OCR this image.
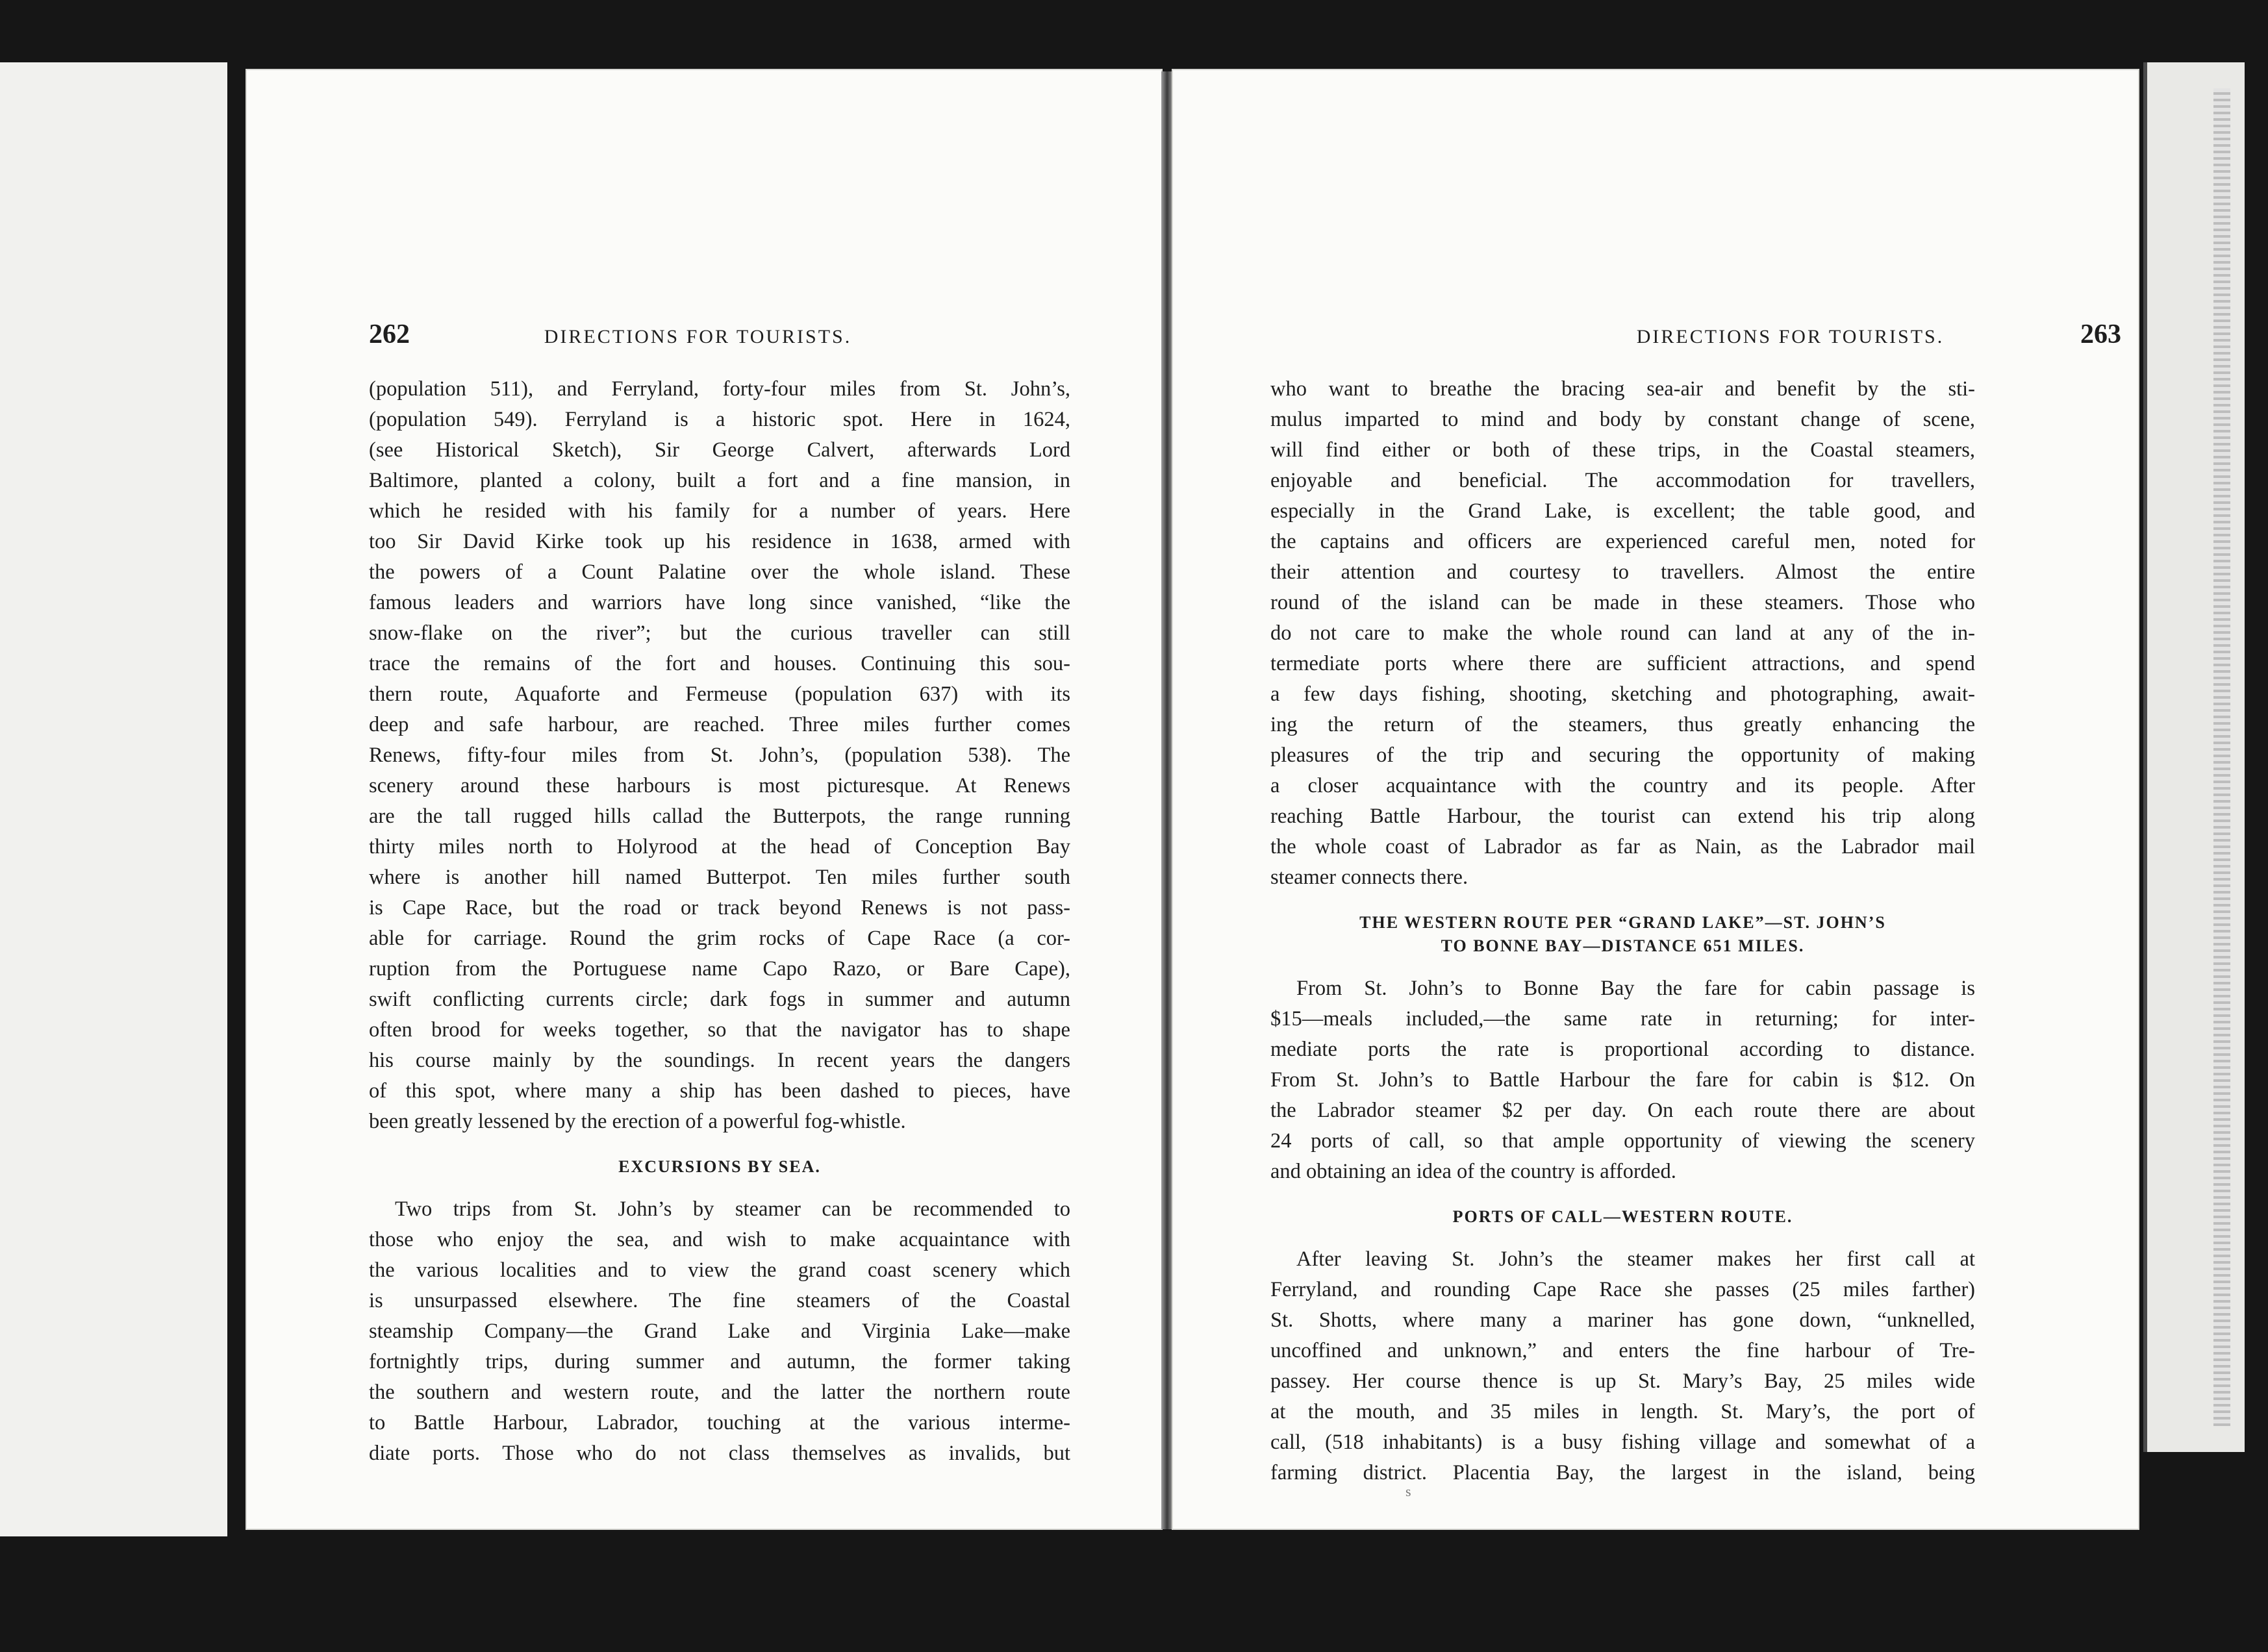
262	DIRECTIONS FOR TOURISTS.
(population 511), and Ferryland, forty-four miles from St. John’s,
(population 549). Ferryland is a historic spot. Here in 1624,
(see Historical Sketch), Sir George Calvert, afterwards Lord
Baltimore, planted a colony, built a fort and a fine mansion, in
which he resided with his family for a number of years. Here
too Sir David Kirke took up his residence in 1638, armed with
the powers of a Count Palatine over the whole island. These
famous leaders and warriors have long since vanished, “like the
snow-flake on the river”; but the curious traveller can still
trace the remains of the fort and houses. Continuing this sou-
thern route, Aquaforte and Fermeuse (population 637) with its
deep and safe harbour, are reached. Three miles further comes
Renews, fifty-four miles from St. John’s, (population 538). The
scenery around these harbours is most picturesque. At Renews
are the tall rugged hills callad the Butterpots, the range running
thirty miles north to Holyrood at the head of Conception Bay
where is another hill named Butterpot. Ten miles further south
is Cape Race, but the road or track beyond Renews is not pass-
able for carriage. Round the grim rocks of Cape Race (a cor-
ruption from the Portuguese name Capo Razo, or Bare Cape),
swift conflicting currents circle; dark fogs in summer and autumn
often brood for weeks together, so that the navigator has to shape
his course mainly by the soundings. In recent years the dangers
of this spot, where many a ship has been dashed to pieces, have
been greatly lessened by the erection of a powerful fog-whistle.
EXCURSIONS BY SEA.
Two trips from St. John’s by steamer can be recommended to
those who enjoy the sea, and wish to make acquaintance with
the various localities and to view the grand coast scenery which
is unsurpassed elsewhere. The fine steamers of the Coastal
steamship Company—the Grand Lake and Virginia Lake—make
fortnightly trips, during summer and autumn, the former taking
the southern and western route, and the latter the northern route
to Battle Harbour, Labrador, touching at the various interme-
diate ports. Those who do not class themselves as invalids, but
DIRECTIONS FOR TOURISTS.	263
who want to breathe the bracing sea-air and benefit by the sti-
mulus imparted to mind and body by constant change of scene,
will find either or both of these trips, in the Coastal steamers,
enjoyable and beneficial. The accommodation for travellers,
especially in the Grand Lake, is excellent; the table good, and
the captains and officers are experienced careful men, noted for
their attention and courtesy to travellers. Almost the entire
round of the island can be made in these steamers. Those who
do not care to make the whole round can land at any of the in-
termediate ports where there are sufficient attractions, and spend
a few days fishing, shooting, sketching and photographing, await-
ing the return of the steamers, thus greatly enhancing the
pleasures of the trip and securing the opportunity of making
a closer acquaintance with the country and its people. After
reaching Battle Harbour, the tourist can extend his trip along
the whole coast of Labrador as far as Nain, as the Labrador mail
steamer connects there.
THE WESTERN ROUTE PER “GRAND LAKE”—ST. JOHN’S
TO BONNE BAY—DISTANCE 651 MILES.
From St. John’s to Bonne Bay the fare for cabin passage is
$15—meals included,—the same rate in returning; for inter-
mediate ports the rate is proportional according to distance.
From St. John’s to Battle Harbour the fare for cabin is $12. On
the Labrador steamer $2 per day. On each route there are about
24 ports of call, so that ample opportunity of viewing the scenery
and obtaining an idea of the country is afforded.
PORTS OF CALL—WESTERN ROUTE.
After leaving St. John’s the steamer makes her first call at
Ferryland, and rounding Cape Race she passes (25 miles farther)
St. Shotts, where many a mariner has gone down, “unknelled,
uncoffined and unknown,” and enters the fine harbour of Tre-
passey. Her course thence is up St. Mary’s Bay, 25 miles wide
at the mouth, and 35 miles in length. St. Mary’s, the port of
call, (518 inhabitants) is a busy fishing village and somewhat of a
farming district. Placentia Bay, the largest in the island, being
s
